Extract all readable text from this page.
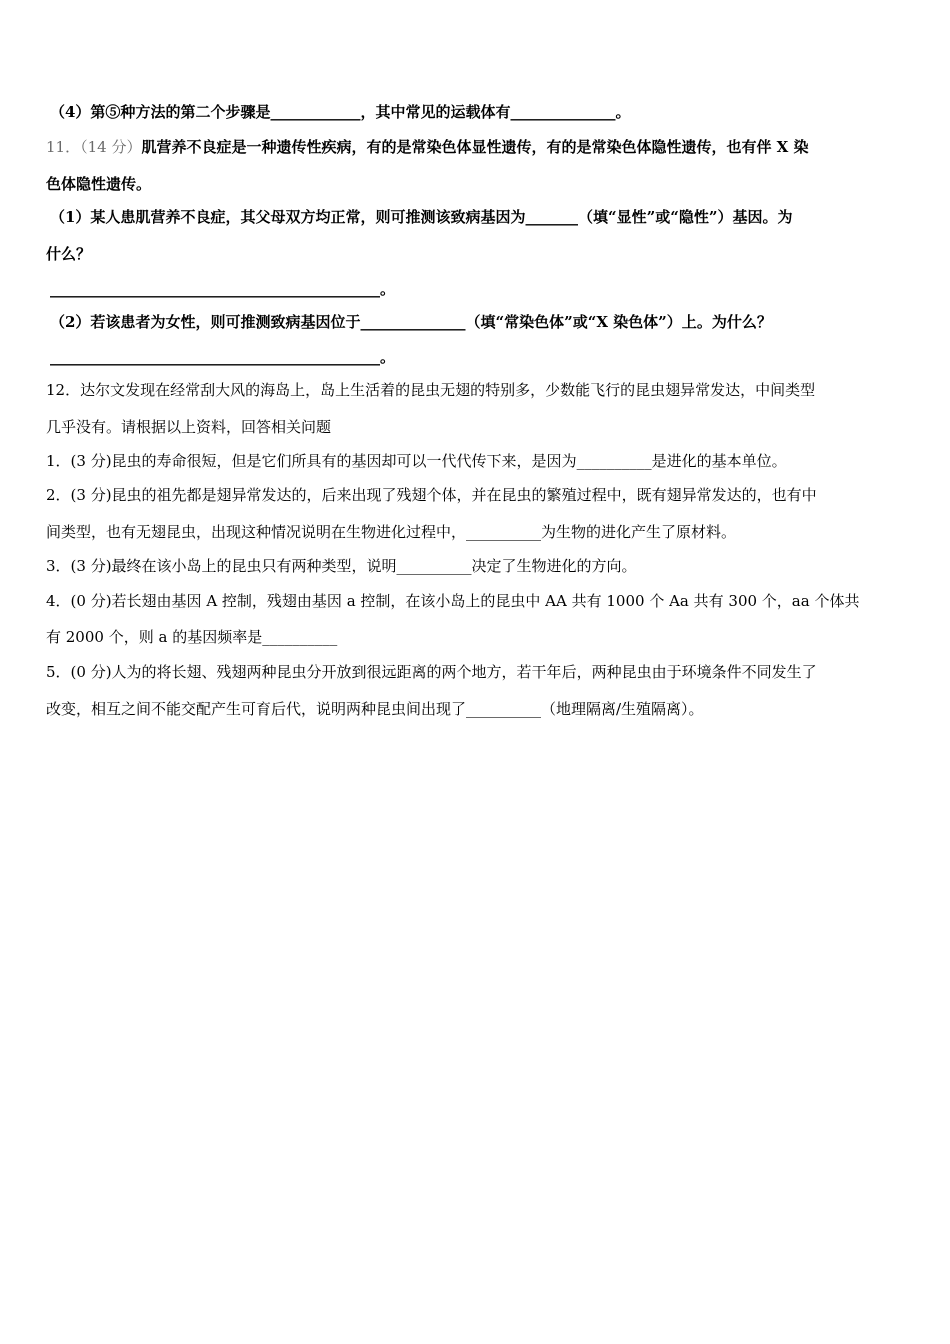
（4）第⑤种方法的第二个步骤是____________，其中常见的运载体有______________。
11．（14 分）肌营养不良症是一种遗传性疾病，有的是常染色体显性遗传，有的是常染色体隐性遗传，也有伴 X 染
色体隐性遗传。
（1）某人患肌营养不良症，其父母双方均正常，则可推测该致病基因为_______（填“显性”或“隐性”）基因。为
什么？
____________________________________________。
（2）若该患者为女性，则可推测致病基因位于______________（填“常染色体”或“X 染色体”）上。为什么？
____________________________________________。
12．达尔文发现在经常刮大风的海岛上，岛上生活着的昆虫无翅的特别多，少数能飞行的昆虫翅异常发达，中间类型
几乎没有。请根据以上资料，回答相关问题
1．(3 分)昆虫的寿命很短，但是它们所具有的基因却可以一代代传下来，是因为__________是进化的基本单位。
2．(3 分)昆虫的祖先都是翅异常发达的，后来出现了残翅个体，并在昆虫的繁殖过程中，既有翅异常发达的，也有中
间类型，也有无翅昆虫，出现这种情况说明在生物进化过程中，__________为生物的进化产生了原材料。
3．(3 分)最终在该小岛上的昆虫只有两种类型，说明__________决定了生物进化的方向。
4．(0 分)若长翅由基因 A 控制，残翅由基因 a 控制，在该小岛上的昆虫中 AA 共有 1000 个 Aa 共有 300 个，aa 个体共
有 2000 个，则 a 的基因频率是__________
5．(0 分)人为的将长翅、残翅两种昆虫分开放到很远距离的两个地方，若干年后，两种昆虫由于环境条件不同发生了
改变，相互之间不能交配产生可育后代，说明两种昆虫间出现了__________（地理隔离/生殖隔离）。
